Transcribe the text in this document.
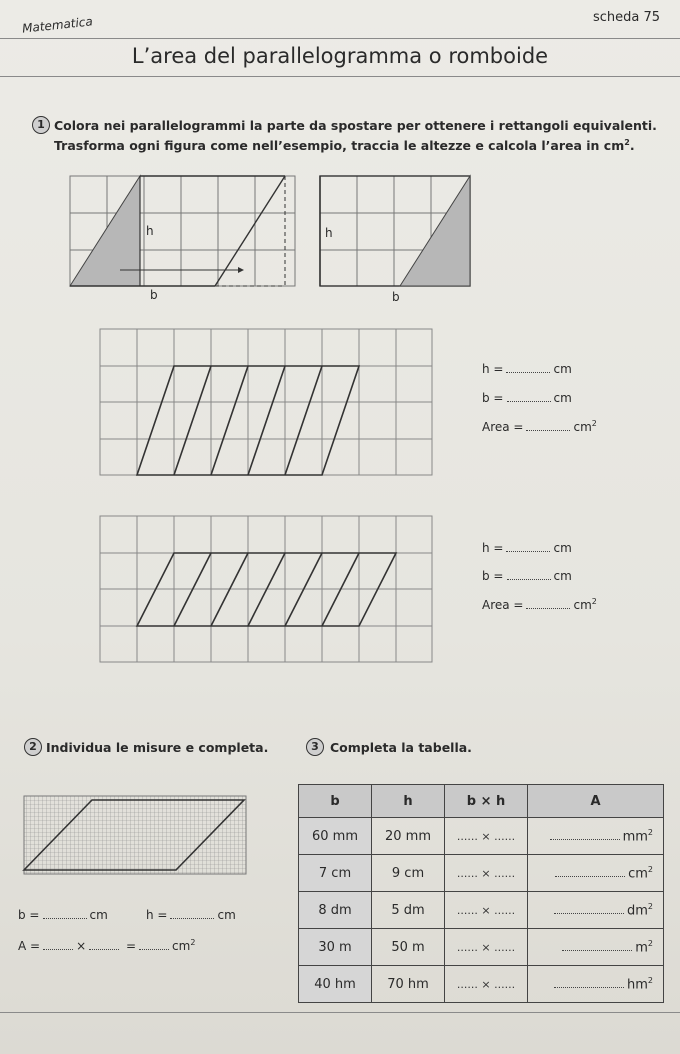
Matematica	scheda 75
L’area del parallelogramma o romboide
1 Colora nei parallelogrammi la parte da spostare per ottenere i rettangoli equivalenti.
Trasforma ogni figura come nell’esempio, traccia le altezze e calcola l’area in $cm^2$.
h
b
h
b
h =	cm
b =	cm
Area =	$cm^2$
h =	cm
b =	cm
Area =	$cm^2$
2 Individua le misure e completa.
b =	cm	h =	cm
A =	×	=	$cm^2$
3 Completa la tabella.
b	h	b × h	A
60 mm	20 mm	...... × ......	$mm^2$
7 cm	9 cm	...... × ......	$cm^2$
8 dm	5 dm	...... × ......	$dm^2$
30 m	50 m	...... × ......	$m^2$
40 hm	70 hm	...... × ......	$hm^2$
